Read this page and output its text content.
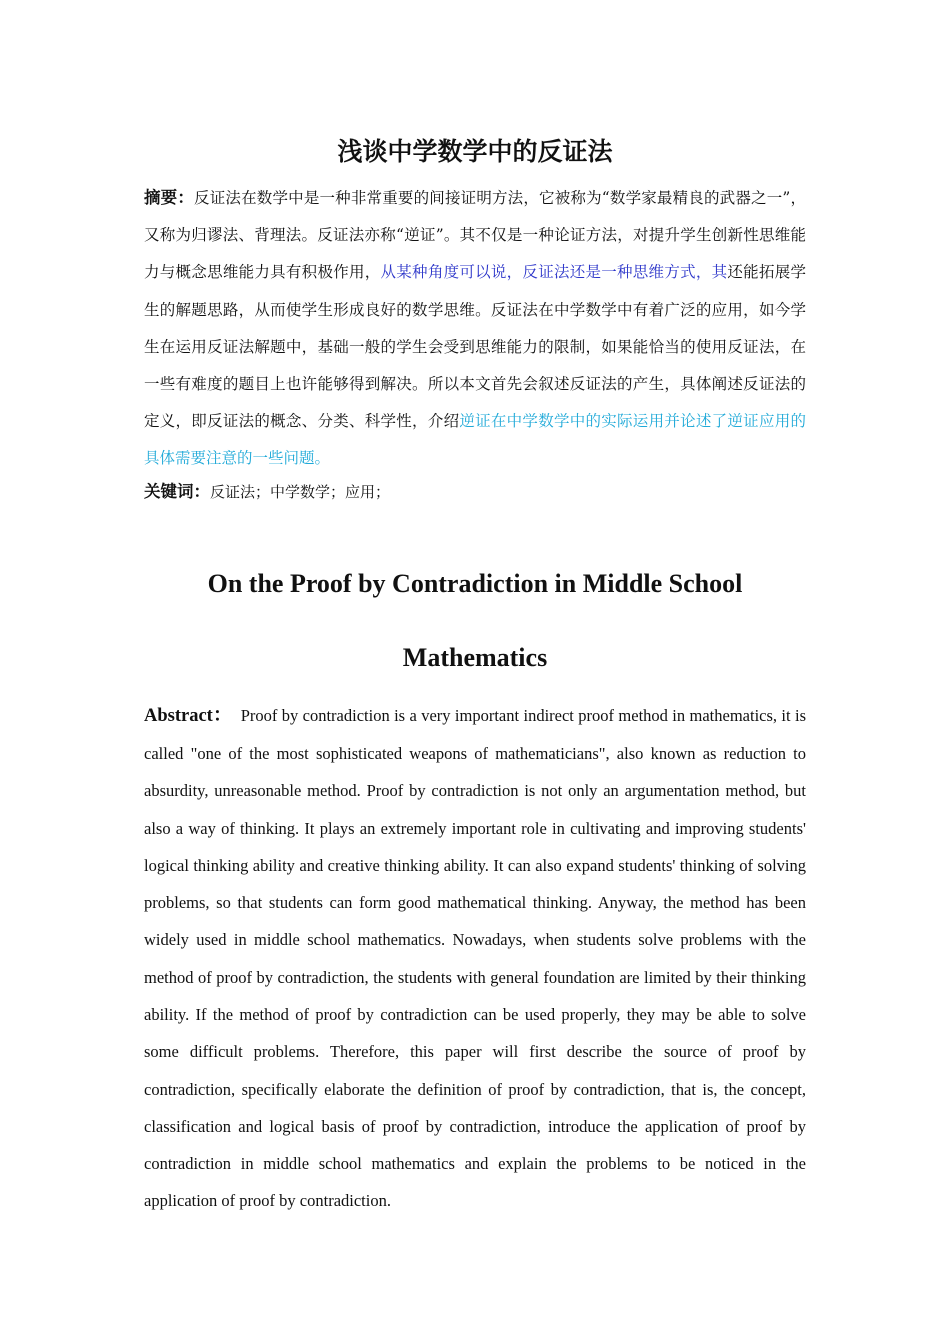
浅谈中学数学中的反证法

摘要：反证法在数学中是一种非常重要的间接证明方法，它被称为“数学家最精良的武器之一”，又称为归谬法、背理法。反证法亦称“逆证”。其不仅是一种论证方法，对提升学生创新性思维能力与概念思维能力具有积极作用，从某种角度可以说，反证法还是一种思维方式，其还能拓展学生的解题思路，从而使学生形成良好的数学思维。反证法在中学数学中有着广泛的应用，如今学生在运用反证法解题中，基础一般的学生会受到思维能力的限制，如果能恰当的使用反证法，在一些有难度的题目上也许能够得到解决。所以本文首先会叙述反证法的产生，具体阐述反证法的定义，即反证法的概念、分类、科学性，介绍逆证在中学数学中的实际运用并论述了逆证应用的具体需要注意的一些问题。

关键词：反证法；中学数学；应用；

On the Proof by Contradiction in Middle School
Mathematics

Abstract： Proof by contradiction is a very important indirect proof method in mathematics, it is called "one of the most sophisticated weapons of mathematicians", also known as reduction to absurdity, unreasonable method. Proof by contradiction is not only an argumentation method, but also a way of thinking. It plays an extremely important role in cultivating and improving students' logical thinking ability and creative thinking ability. It can also expand students' thinking of solving problems, so that students can form good mathematical thinking. Anyway, the method has been widely used in middle school mathematics. Nowadays, when students solve problems with the method of proof by contradiction, the students with general foundation are limited by their thinking ability. If the method of proof by contradiction can be used properly, they may be able to solve some difficult problems. Therefore, this paper will first describe the source of proof by contradiction, specifically elaborate the definition of proof by contradiction, that is, the concept, classification and logical basis of proof by contradiction, introduce the application of proof by contradiction in middle school mathematics and explain the problems to be noticed in the application of proof by contradiction.
